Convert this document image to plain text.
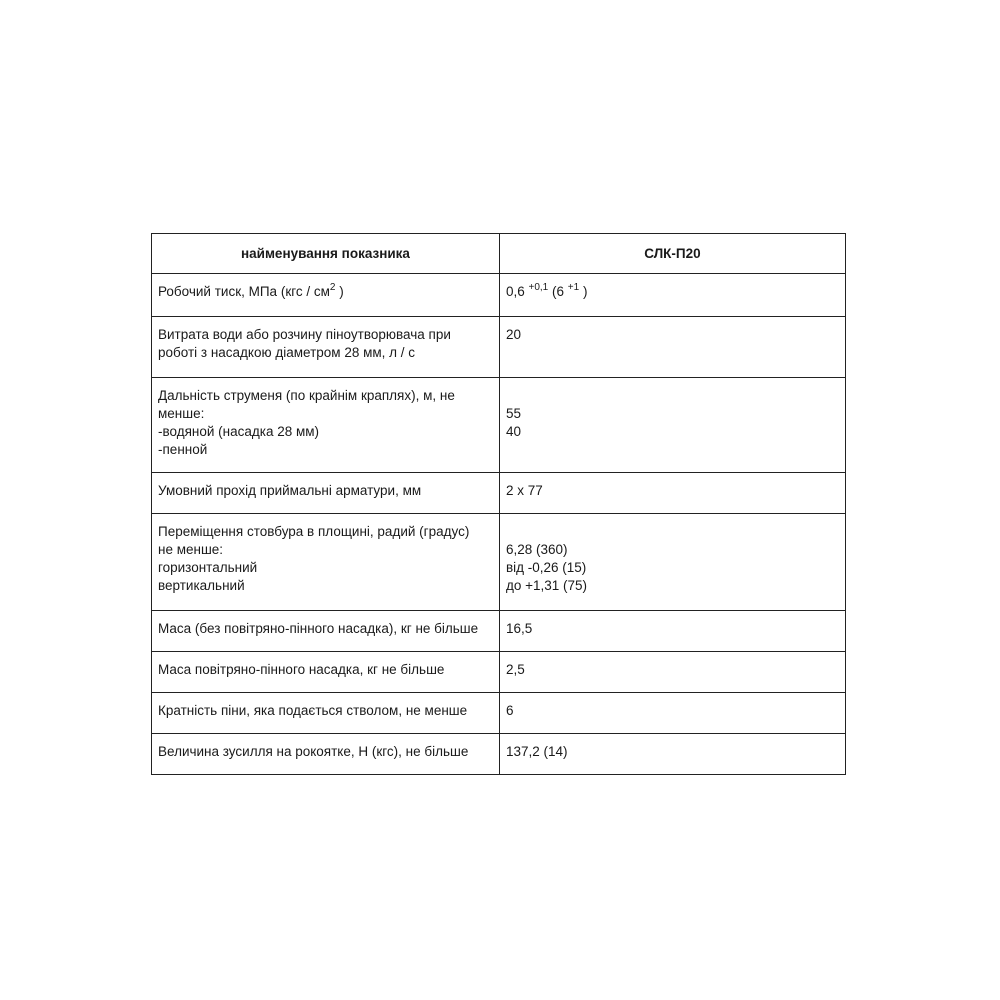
найменування показника	СЛК-П20

Робочий тиск, МПа ($кгс / см^2$ )	0,6 $^{+0,1}$ (6 $^{+1}$ )

Витрата води або розчину піноутворювача при
роботі з насадкою діаметром 28 мм, л / с	20

Дальність струменя (по крайнім краплях), м, не
менше:
-водяной (насадка 28 мм)
-пенной	55
40

Умовний прохід приймальні арматури, мм	2 х 77

Переміщення стовбура в площині, радий (градус)
не менше:
горизонтальний
вертикальний	6,28 (360)
від -0,26 (15)
до +1,31 (75)

Маса (без повітряно-пінного насадка), кг не більше	16,5

Маса повітряно-пінного насадка, кг не більше	2,5

Кратність піни, яка подається стволом, не менше	6

Величина зусилля на рокоятке, Н (кгс), не більше	137,2 (14)
